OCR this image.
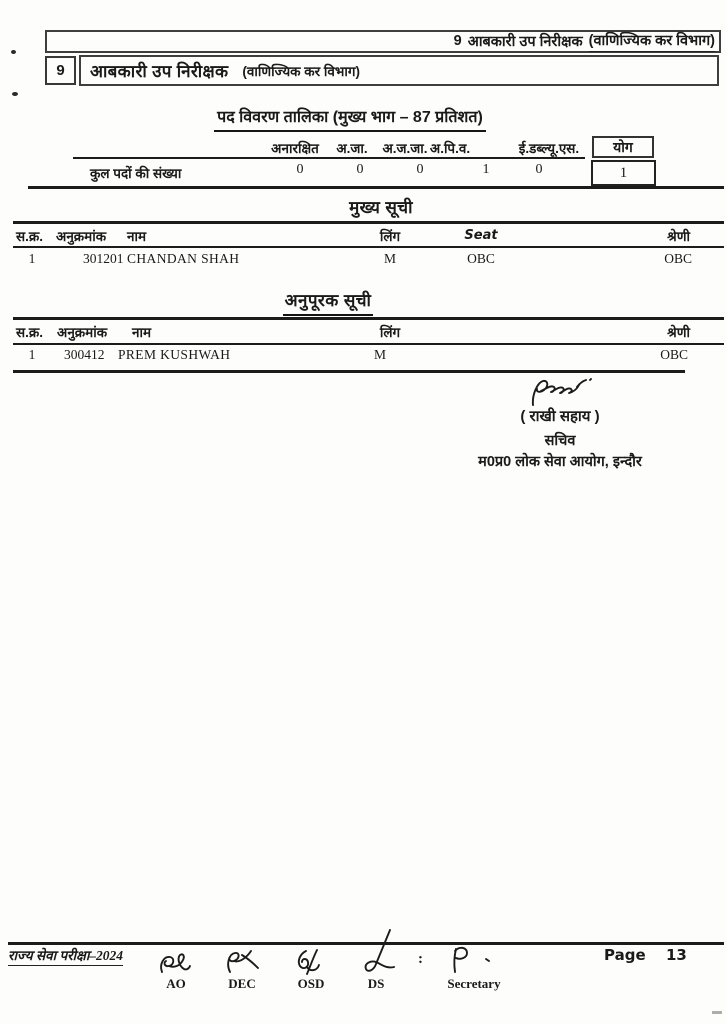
9 आबकारी उप निरीक्षक (वाणिज्यिक कर विभाग)
9	आबकारी उप निरीक्षक (वाणिज्यिक कर विभाग)
पद विवरण तालिका (मुख्य भाग – 87 प्रतिशत)
अनारक्षित	अ.जा.	अ.ज.जा. अ.पि.व.	ई.डब्ल्यू.एस.	योग
कुल पदों की संख्या	0	0	0	1	0	1
मुख्य सूची
स.क्र. अनुक्रमांक नाम	लिंग	Seat	श्रेणी
1	301201 CHANDAN SHAH	M	OBC	OBC
अनुपूरक सूची
स.क्र. अनुक्रमांक नाम	लिंग	श्रेणी
1	300412 PREM KUSHWAH	M	OBC
( राखी सहाय )
सचिव
म0प्र0 लोक सेवा आयोग, इन्दौर
राज्य सेवा परीक्षा–2024
AO	DEC	OSD	DS
:
Secretary
Page 13
